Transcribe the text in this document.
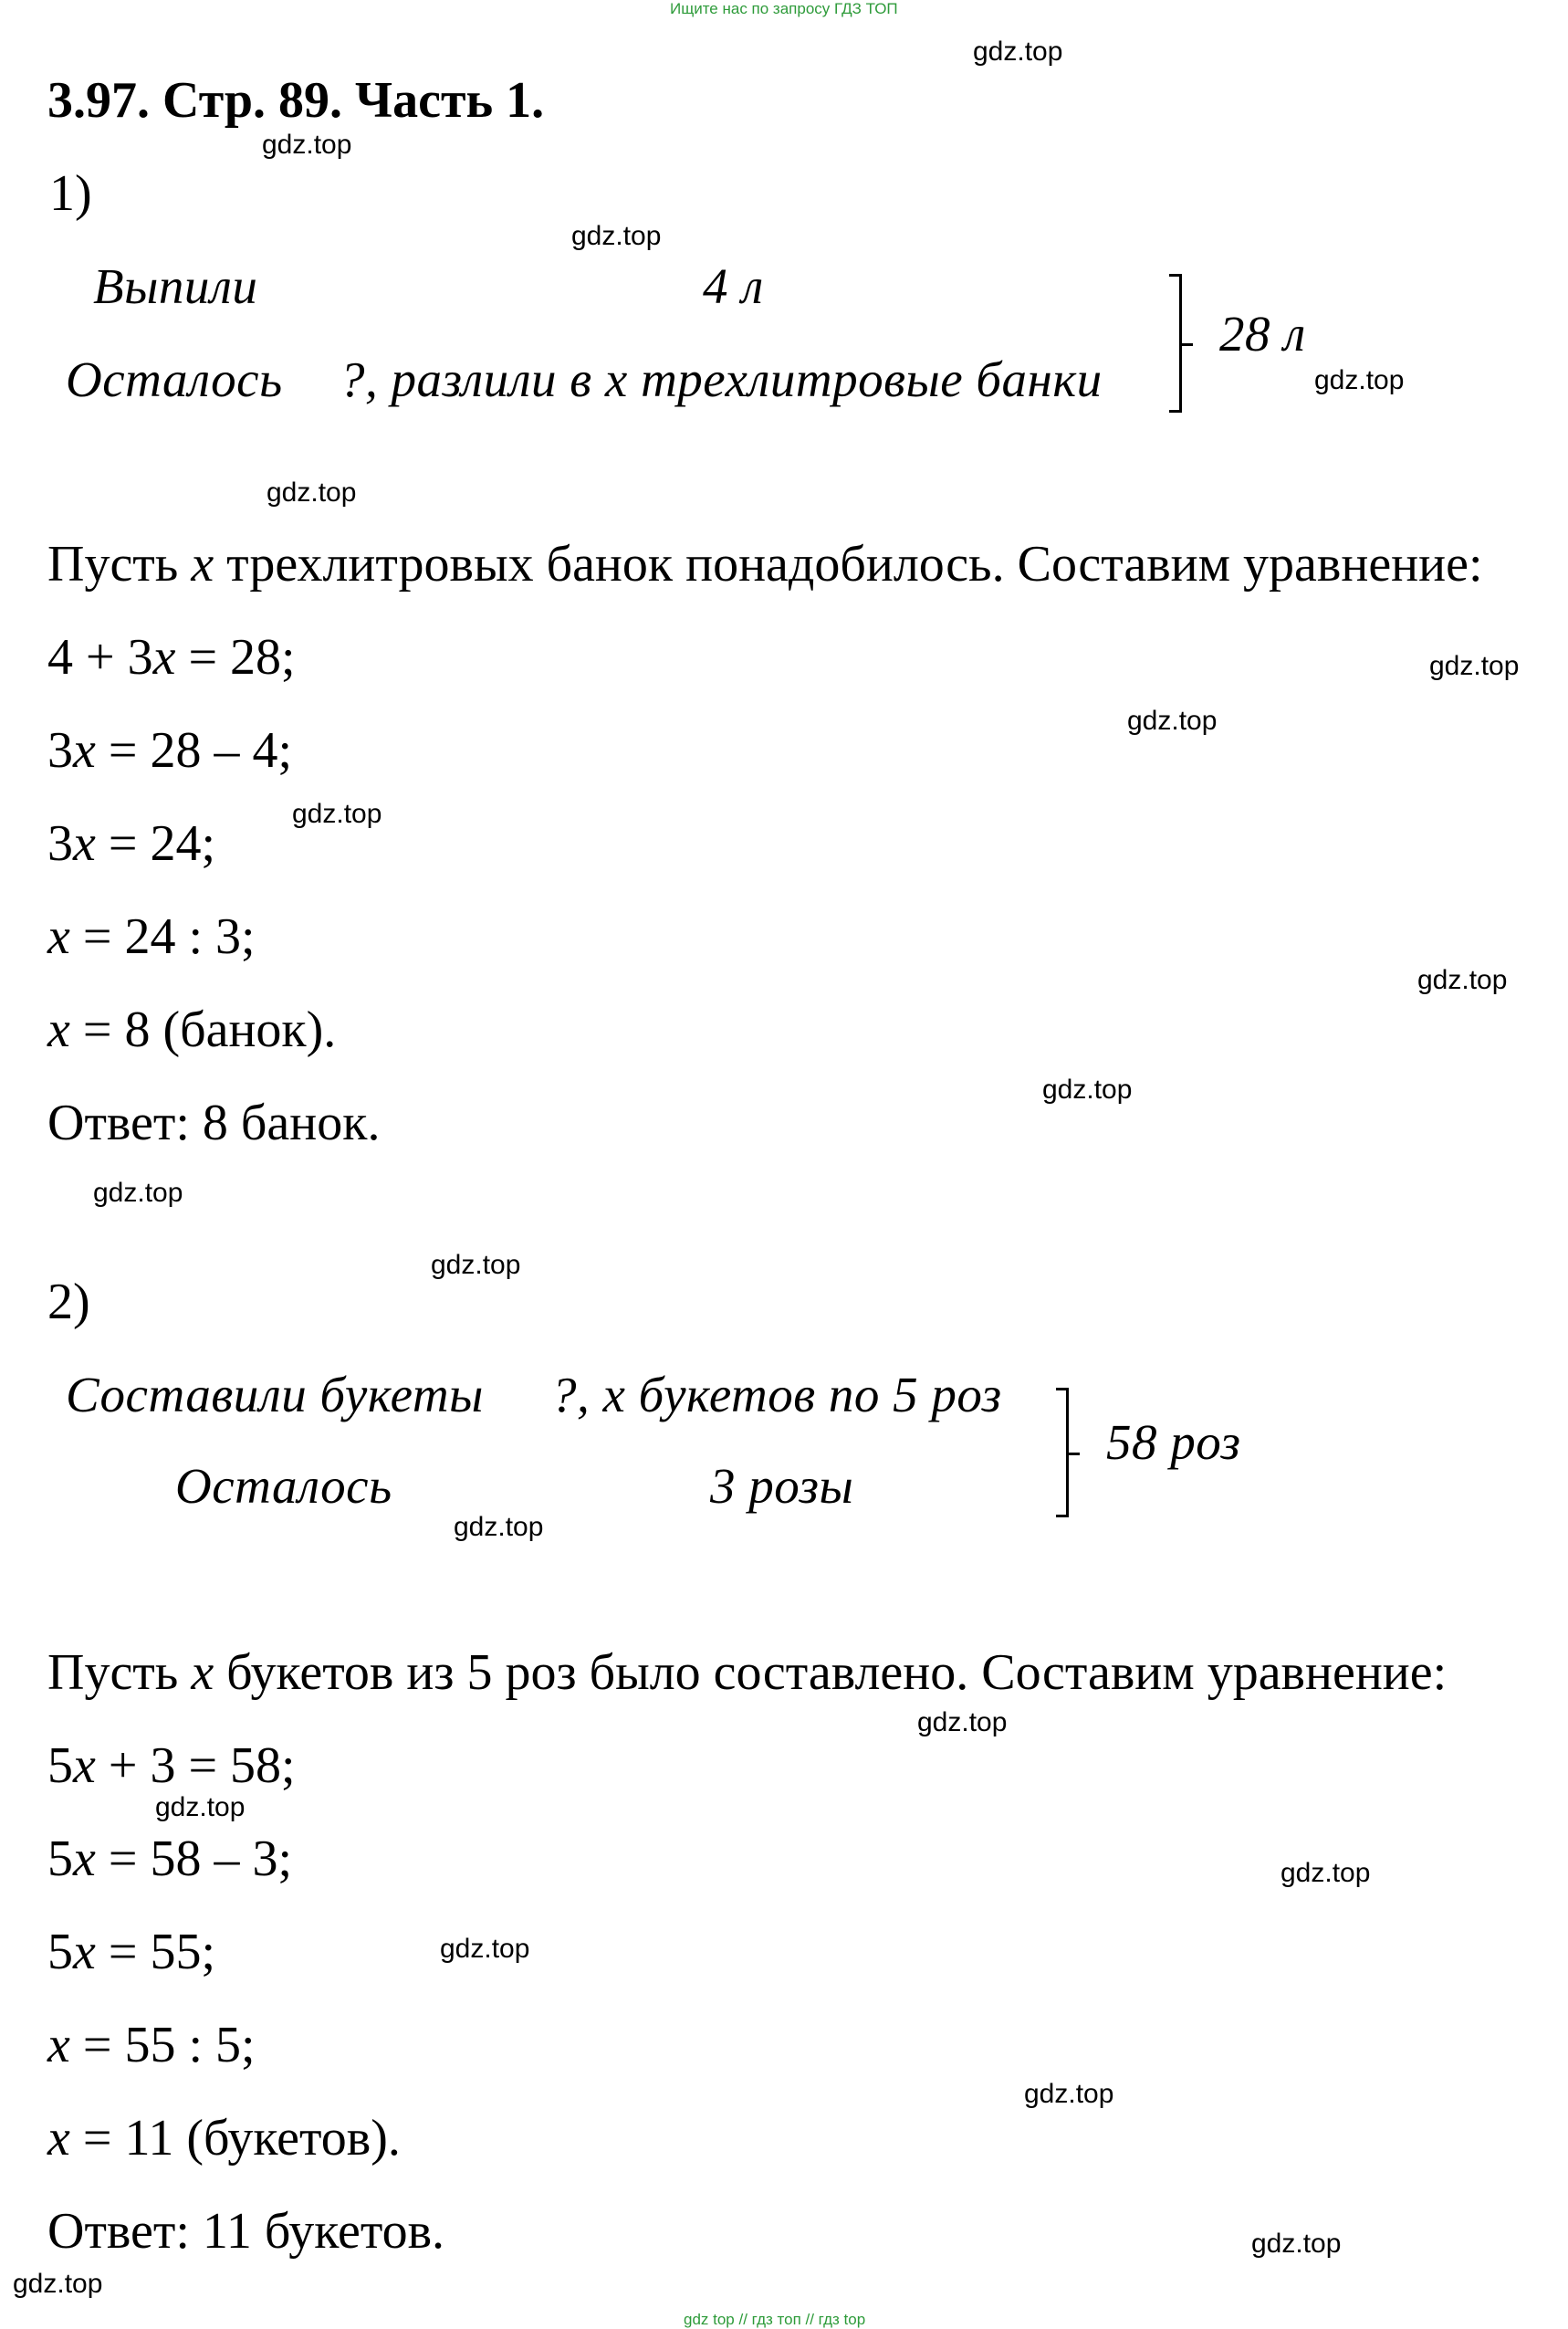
Ищите нас по запросу ГДЗ ТОП
gdz.top
gdz.top
gdz.top
gdz.top
gdz.top
gdz.top
gdz.top
gdz.top
gdz.top
gdz.top
gdz.top
gdz.top
gdz.top
gdz.top
gdz.top
gdz.top
gdz.top
gdz.top
gdz.top
gdz.top
3.97. Стр. 89. Часть 1.
1)
Выпили	4 л
Осталось ?, разлили в х трехлитровые банки
28 л
Пусть x трехлитровых банок понадобилось. Составим уравнение:
4 + 3x = 28;
3x = 28 – 4;
3x = 24;
x = 24 : 3;
x = 8 (банок).
Ответ: 8 банок.
2)
Составили букеты ?, х букетов по 5 роз
Осталось	3 розы
58 роз
Пусть x букетов из 5 роз было составлено. Составим уравнение:
5x + 3 = 58;
5x = 58 – 3;
5x = 55;
x = 55 : 5;
x = 11 (букетов).
Ответ: 11 букетов.
gdz top // гдз топ // гдз top
